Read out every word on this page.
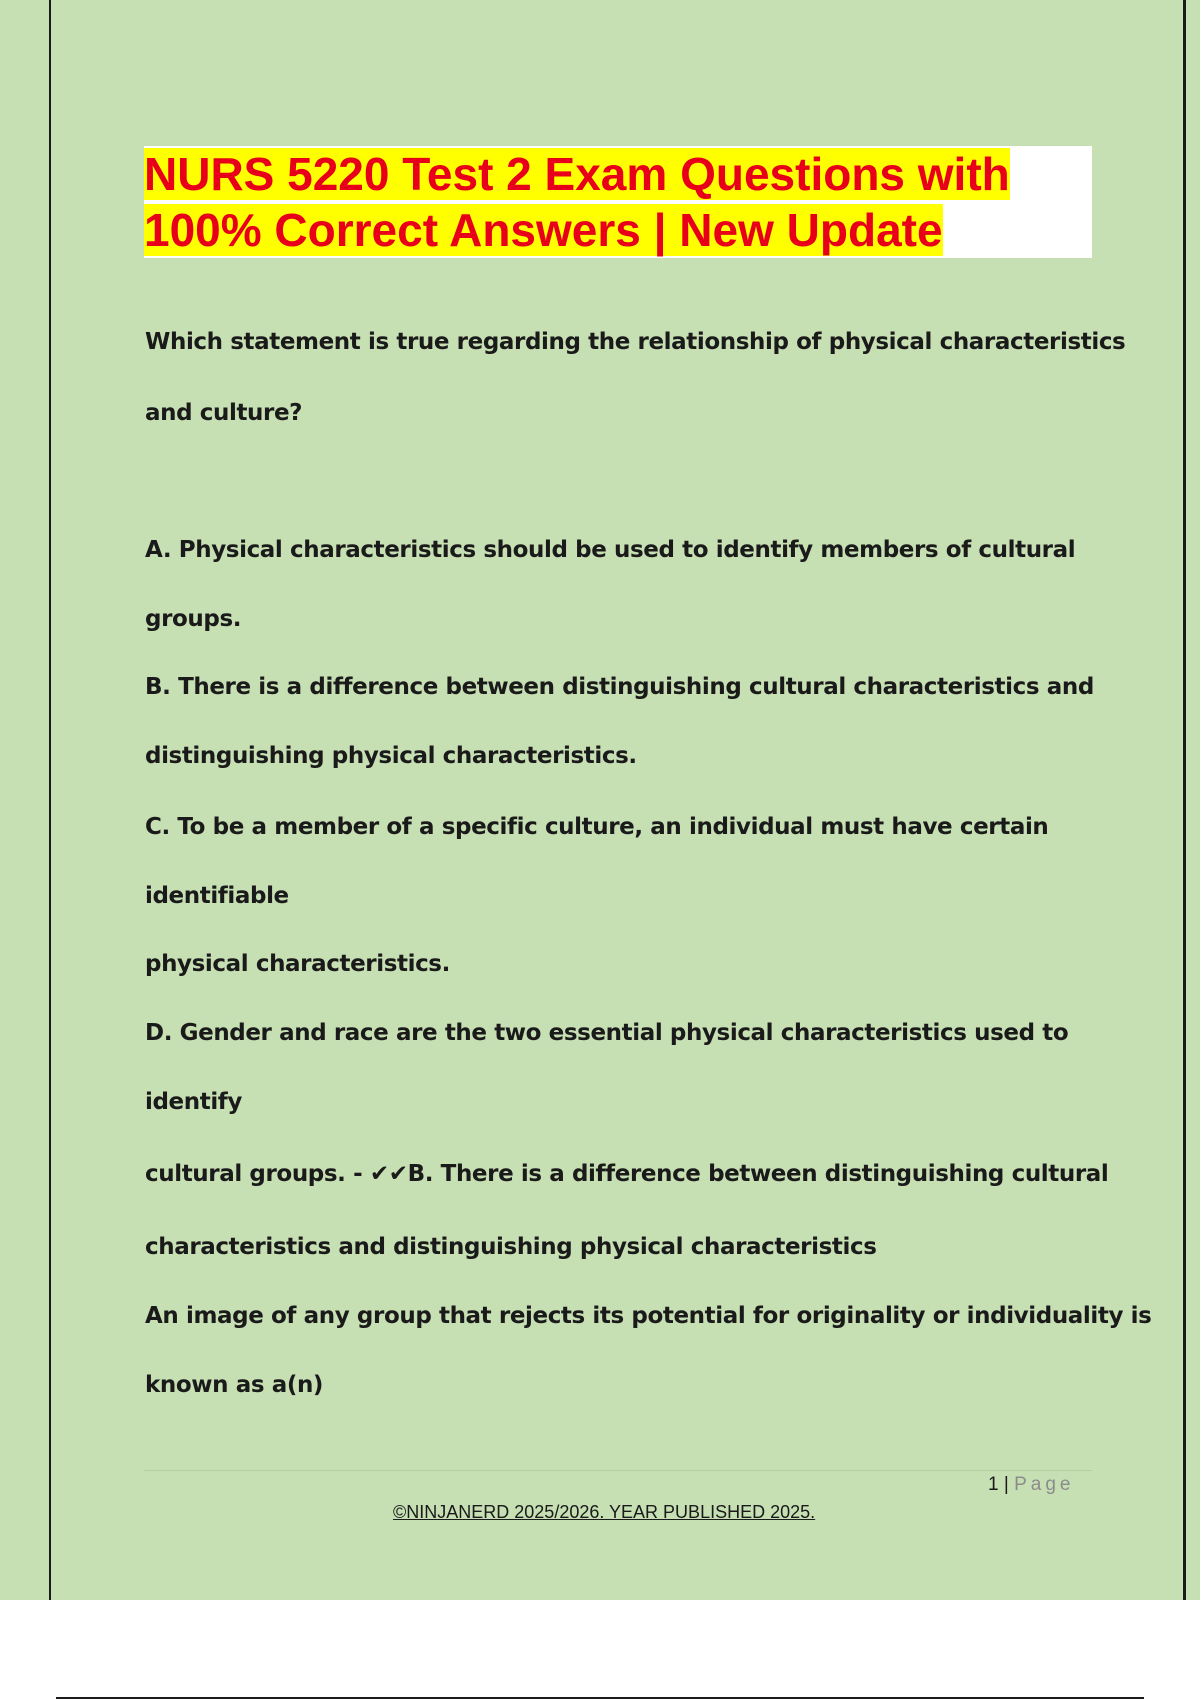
NURS 5220 Test 2 Exam Questions with
100% Correct Answers | New Update
Which statement is true regarding the relationship of physical characteristics
and culture?
A. Physical characteristics should be used to identify members of cultural
groups.
B. There is a difference between distinguishing cultural characteristics and
distinguishing physical characteristics.
C. To be a member of a specific culture, an individual must have certain
identifiable
physical characteristics.
D. Gender and race are the two essential physical characteristics used to
identify
cultural groups. - ✔✔B. There is a difference between distinguishing cultural
characteristics and distinguishing physical characteristics
An image of any group that rejects its potential for originality or individuality is
known as a(n)
1 | Page
©NINJANERD 2025/2026. YEAR PUBLISHED 2025.
